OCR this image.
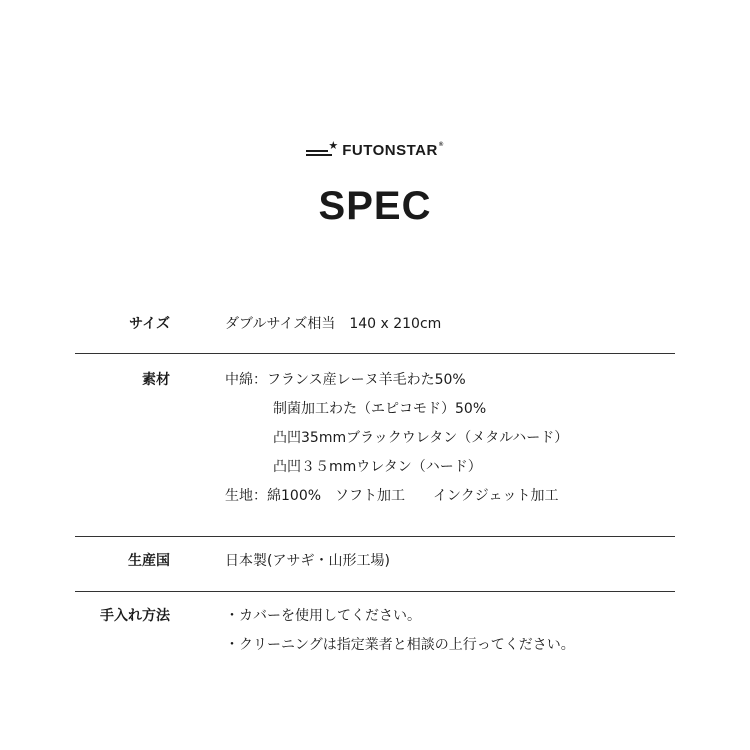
★ FUTONSTAR®
SPEC
サイズ	ダブルサイズ相当　140 x 210cm
素材	中綿：フランス産レーヌ羊毛わた50%
制菌加工わた（エピコモド）50%
凸凹35mmブラックウレタン（メタルハード）
凸凹３５mmウレタン（ハード）
生地：綿100%　ソフト加工　　インクジェット加工
生産国	日本製(アサギ・山形工場)
手入れ方法	・カバーを使用してください。
・クリーニングは指定業者と相談の上行ってください。
